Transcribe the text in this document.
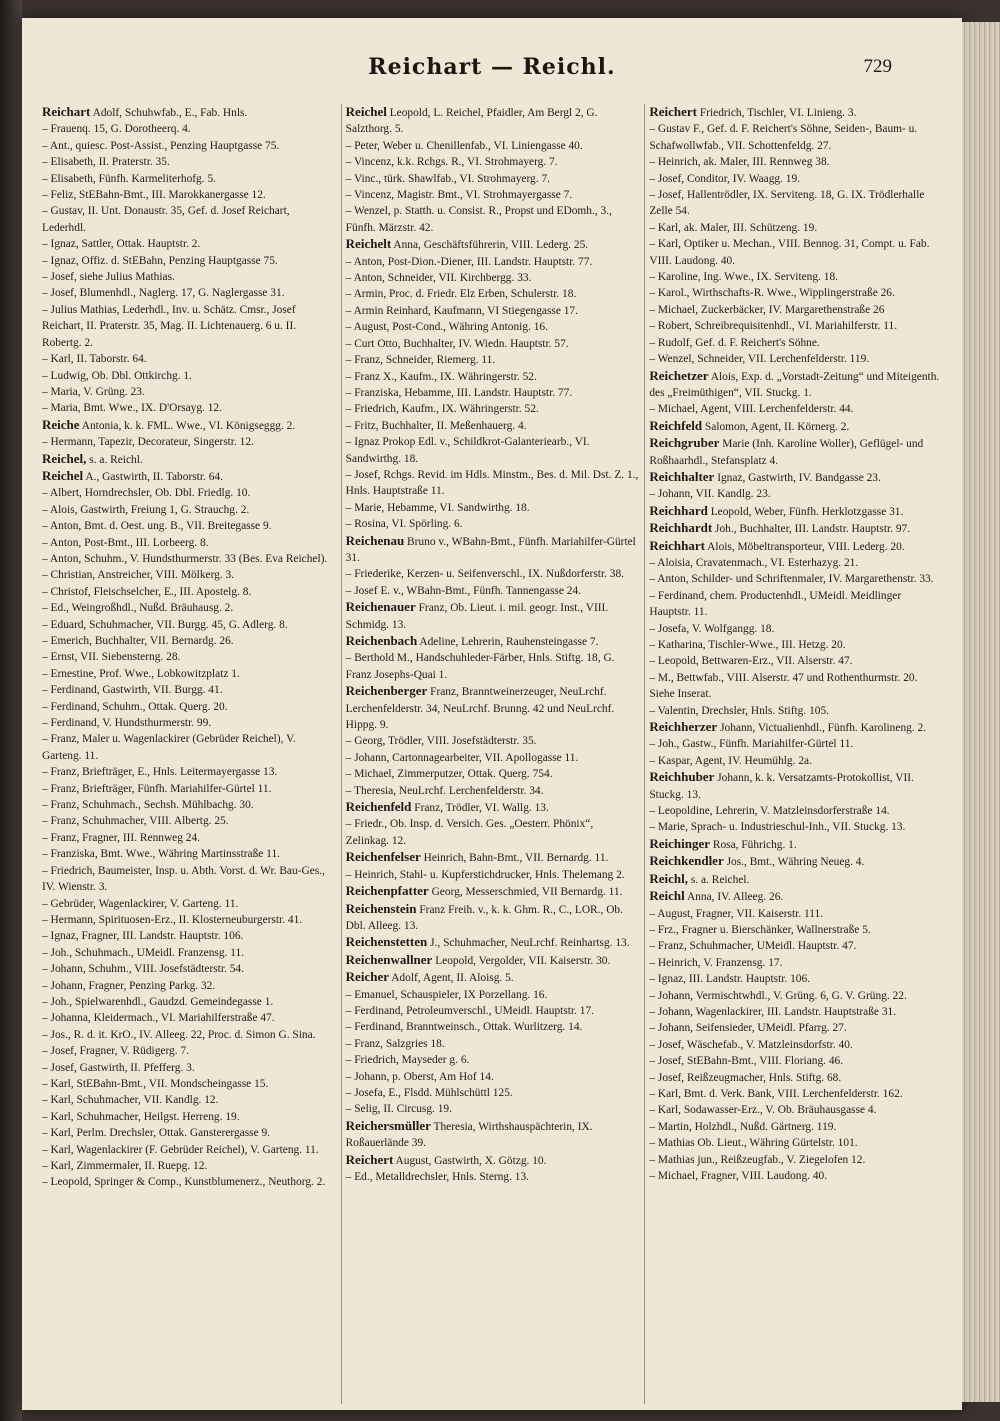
Reichart — Reichl.	729

Reichart Adolf, Schuhwfab., E., Fab. Hnls.

– Frauenq. 15, G. Dorotheerq. 4.

– Ant., quiesc. Post-Assist., Penzing Hauptgasse 75.

– Elisabeth, II. Praterstr. 35.

– Elisabeth, Fünfh. Karmeliterhofg. 5.

– Feliz, StEBahn-Bmt., III. Marokkanergasse 12.

– Gustav, II. Unt. Donaustr. 35, Gef. d. Josef Reichart, Lederhdl.

– Ignaz, Sattler, Ottak. Hauptstr. 2.

– Ignaz, Offiz. d. StEBahn, Penzing Hauptgasse 75.

– Josef, siehe Julius Mathias.

– Josef, Blumenhdl., Naglerg. 17, G. Naglergasse 31.

– Julius Mathias, Lederhdl., Inv. u. Schätz. Cmsr., Josef Reichart, II. Praterstr. 35, Mag. II. Lichtenauerg. 6 u. II. Robertg. 2.

– Karl, II. Taborstr. 64.

– Ludwig, Ob. Dbl. Ottkirchg. 1.

– Maria, V. Grüng. 23.

– Maria, Bmt. Wwe., IX. D'Orsayg. 12.

Reiche Antonia, k. k. FML. Wwe., VI. Königseggg. 2.

– Hermann, Tapezir, Decorateur, Singerstr. 12.

Reichel, s. a. Reichl.

Reichel A., Gastwirth, II. Taborstr. 64.

– Albert, Horndrechsler, Ob. Dbl. Friedlg. 10.

– Alois, Gastwirth, Freiung 1, G. Strauchg. 2.

– Anton, Bmt. d. Oest. ung. B., VII. Breitegasse 9.

– Anton, Post-Bmt., III. Lorbeerg. 8.

– Anton, Schuhm., V. Hundsthurmerstr. 33 (Bes. Eva Reichel).

– Christian, Anstreicher, VIII. Mölkerg. 3.

– Christof, Fleischselcher, E., III. Apostelg. 8.

– Ed., Weingroßhdl., Nußd. Bräuhausg. 2.

– Eduard, Schuhmacher, VII. Burgg. 45, G. Adlerg. 8.

– Emerich, Buchhalter, VII. Bernardg. 26.

– Ernst, VII. Siebensterng. 28.

– Ernestine, Prof. Wwe., Lobkowitzplatz 1.

– Ferdinand, Gastwirth, VII. Burgg. 41.

– Ferdinand, Schuhm., Ottak. Querg. 20.

– Ferdinand, V. Hundsthurmerstr. 99.

– Franz, Maler u. Wagenlackirer (Gebrüder Reichel), V. Garteng. 11.

– Franz, Briefträger, E., Hnls. Leitermayergasse 13.

– Franz, Briefträger, Fünfh. Mariahilfer-Gürtel 11.

– Franz, Schuhmach., Sechsh. Mühlbachg. 30.

– Franz, Schuhmacher, VIII. Albertg. 25.

– Franz, Fragner, III. Rennweg 24.

– Franziska, Bmt. Wwe., Währing Martinsstraße 11.

– Friedrich, Baumeister, Insp. u. Abth. Vorst. d. Wr. Bau-Ges., IV. Wienstr. 3.

– Gebrüder, Wagenlackirer, V. Garteng. 11.

– Hermann, Spirituosen-Erz., II. Klosterneuburgerstr. 41.

– Ignaz, Fragner, III. Landstr. Hauptstr. 106.

– Joh., Schuhmach., UMeidl. Franzensg. 11.

– Johann, Schuhm., VIII. Josefstädterstr. 54.

– Johann, Fragner, Penzing Parkg. 32.

– Joh., Spielwarenhdl., Gaudzd. Gemeindegasse 1.

– Johanna, Kleidermach., VI. Mariahilferstraße 47.

– Jos., R. d. it. KrO., IV. Alleeg. 22, Proc. d. Simon G. Sina.

– Josef, Fragner, V. Rüdigerg. 7.

– Josef, Gastwirth, II. Pfefferg. 3.

– Karl, StEBahn-Bmt., VII. Mondscheingasse 15.

– Karl, Schuhmacher, VII. Kandlg. 12.

– Karl, Schuhmacher, Heilgst. Herreng. 19.

– Karl, Perlm. Drechsler, Ottak. Gansterergasse 9.

– Karl, Wagenlackirer (F. Gebrüder Reichel), V. Garteng. 11.

– Karl, Zimmermaler, II. Ruepg. 12.

– Leopold, Springer & Comp., Kunstblumenerz., Neuthorg. 2.

Reichel Leopold, L. Reichel, Pfaidler, Am Bergl 2, G. Salzthorg. 5.

– Peter, Weber u. Chenillenfab., VI. Liniengasse 40.

– Vincenz, k.k. Rchgs. R., VI. Strohmayerg. 7.

– Vinc., türk. Shawlfab., VI. Strohmayerg. 7.

– Vincenz, Magistr. Bmt., VI. Strohmayergasse 7.

– Wenzel, p. Statth. u. Consist. R., Propst und EDomh., 3., Fünfh. Märzstr. 42.

Reichelt Anna, Geschäftsführerin, VIII. Lederg. 25.

– Anton, Post-Dion.-Diener, III. Landstr. Hauptstr. 77.

– Anton, Schneider, VII. Kirchbergg. 33.

– Armin, Proc. d. Friedr. Elz Erben, Schulerstr. 18.

– Armin Reinhard, Kaufmann, VI Stiegengasse 17.

– August, Post-Cond., Währing Antonig. 16.

– Curt Otto, Buchhalter, IV. Wiedn. Hauptstr. 57.

– Franz, Schneider, Riemerg. 11.

– Franz X., Kaufm., IX. Währingerstr. 52.

– Franziska, Hebamme, III. Landstr. Hauptstr. 77.

– Friedrich, Kaufm., IX. Währingerstr. 52.

– Fritz, Buchhalter, II. Meßenhauerg. 4.

– Ignaz Prokop Edl. v., Schildkrot-Galanteriearb., VI. Sandwirthg. 18.

– Josef, Rchgs. Revid. im Hdls. Minstm., Bes. d. Mil. Dst. Z. 1., Hnls. Hauptstraße 11.

– Marie, Hebamme, VI. Sandwirthg. 18.

– Rosina, VI. Spörling. 6.

Reichenau Bruno v., WBahn-Bmt., Fünfh. Mariahilfer-Gürtel 31.

– Friederike, Kerzen- u. Seifenverschl., IX. Nußdorferstr. 38.

– Josef E. v., WBahn-Bmt., Fünfh. Tannengasse 24.

Reichenauer Franz, Ob. Lieut. i. mil. geogr. Inst., VIII. Schmidg. 13.

Reichenbach Adeline, Lehrerin, Rauhensteingasse 7.

– Berthold M., Handschuhleder-Färber, Hnls. Stiftg. 18, G. Franz Josephs-Quai 1.

Reichenberger Franz, Branntweinerzeuger, NeuLrchf. Lerchenfelderstr. 34, NeuLrchf. Brunng. 42 und NeuLrchf. Hippg. 9.

– Georg, Trödler, VIII. Josefstädterstr. 35.

– Johann, Cartonnagearbeiter, VII. Apollogasse 11.

– Michael, Zimmerputzer, Ottak. Querg. 754.

– Theresia, NeuLrchf. Lerchenfelderstr. 34.

Reichenfeld Franz, Trödler, VI. Wallg. 13.

– Friedr., Ob. Insp. d. Versich. Ges. „Oesterr. Phönix“, Zelinkag. 12.

Reichenfelser Heinrich, Bahn-Bmt., VII. Bernardg. 11.

– Heinrich, Stahl- u. Kupferstichdrucker, Hnls. Thelemang 2.

Reichenpfatter Georg, Messerschmied, VII Bernardg. 11.

Reichenstein Franz Freih. v., k. k. Ghm. R., C., LOR., Ob. Dbl. Alleeg. 13.

Reichenstetten J., Schuhmacher, NeuLrchf. Reinhartsg. 13.

Reichenwallner Leopold, Vergolder, VII. Kaiserstr. 30.

Reicher Adolf, Agent, II. Aloisg. 5.

– Emanuel, Schauspieler, IX Porzellang. 16.

– Ferdinand, Petroleumverschl., UMeidl. Hauptstr. 17.

– Ferdinand, Branntweinsch., Ottak. Wurlitzerg. 14.

– Franz, Salzgries 18.

– Friedrich, Mayseder g. 6.

– Johann, p. Oberst, Am Hof 14.

– Josefa, E., Flsdd. Mühlschüttl 125.

– Selig, II. Circusg. 19.

Reichersmüller Theresia, Wirthshauspächterin, IX. Roßauerlände 39.

Reichert August, Gastwirth, X. Götzg. 10.

– Ed., Metalldrechsler, Hnls. Sterng. 13.

Reichert Friedrich, Tischler, VI. Linieng. 3.

– Gustav F., Gef. d. F. Reichert's Söhne, Seiden-, Baum- u. Schafwollwfab., VII. Schottenfeldg. 27.

– Heinrich, ak. Maler, III. Rennweg 38.

– Josef, Conditor, IV. Waagg. 19.

– Josef, Hallentrödler, IX. Serviteng. 18, G. IX. Trödlerhalle Zelle 54.

– Karl, ak. Maler, III. Schützeng. 19.

– Karl, Optiker u. Mechan., VIII. Bennog. 31, Compt. u. Fab. VIII. Laudong. 40.

– Karoline, Ing. Wwe., IX. Serviteng. 18.

– Karol., Wirthschafts-R. Wwe., Wipplingerstraße 26.

– Michael, Zuckerbäcker, IV. Margarethenstraße 26

– Robert, Schreibrequisitenhdl., VI. Mariahilferstr. 11.

– Rudolf, Gef. d. F. Reichert's Söhne.

– Wenzel, Schneider, VII. Lerchenfelderstr. 119.

Reichetzer Alois, Exp. d. „Vorstadt-Zeitung“ und Miteigenth. des „Freimüthigen“, VII. Stuckg. 1.

– Michael, Agent, VIII. Lerchenfelderstr. 44.

Reichfeld Salomon, Agent, II. Körnerg. 2.

Reichgruber Marie (Inh. Karoline Woller), Geflügel- und Roßhaarhdl., Stefansplatz 4.

Reichhalter Ignaz, Gastwirth, IV. Bandgasse 23.

– Johann, VII. Kandlg. 23.

Reichhard Leopold, Weber, Fünfh. Herklotzgasse 31.

Reichhardt Joh., Buchhalter, III. Landstr. Hauptstr. 97.

Reichhart Alois, Möbeltransporteur, VIII. Lederg. 20.

– Aloisia, Cravatenmach., VI. Esterhazyg. 21.

– Anton, Schilder- und Schriftenmaler, IV. Margarethenstr. 33.

– Ferdinand, chem. Productenhdl., UMeidl. Meidlinger Hauptstr. 11.

– Josefa, V. Wolfgangg. 18.

– Katharina, Tischler-Wwe., III. Hetzg. 20.

– Leopold, Bettwaren-Erz., VII. Alserstr. 47.

– M., Bettwfab., VIII. Alserstr. 47 und Rothenthurmstr. 20. Siehe Inserat.

– Valentin, Drechsler, Hnls. Stiftg. 105.

Reichherzer Johann, Victualienhdl., Fünfh. Karolineng. 2.

– Joh., Gastw., Fünfh. Mariahilfer-Gürtel 11.

– Kaspar, Agent, IV. Heumühlg. 2a.

Reichhuber Johann, k. k. Versatzamts-Protokollist, VII. Stuckg. 13.

– Leopoldine, Lehrerin, V. Matzleinsdorferstraße 14.

– Marie, Sprach- u. Industrieschul-Inh., VII. Stuckg. 13.

Reichinger Rosa, Führichg. 1.

Reichkendler Jos., Bmt., Währing Neueg. 4.

Reichl, s. a. Reichel.

Reichl Anna, IV. Alleeg. 26.

– August, Fragner, VII. Kaiserstr. 111.

– Frz., Fragner u. Bierschänker, Wallnerstraße 5.

– Franz, Schuhmacher, UMeidl. Hauptstr. 47.

– Heinrich, V. Franzensg. 17.

– Ignaz, III. Landstr. Hauptstr. 106.

– Johann, Vermischtwhdl., V. Grüng. 6, G. V. Grüng. 22.

– Johann, Wagenlackirer, III. Landstr. Hauptstraße 31.

– Johann, Seifensieder, UMeidl. Pfarrg. 27.

– Josef, Wäschefab., V. Matzleinsdorfstr. 40.

– Josef, StEBahn-Bmt., VIII. Floriang. 46.

– Josef, Reißzeugmacher, Hnls. Stiftg. 68.

– Karl, Bmt. d. Verk. Bank, VIII. Lerchenfelderstr. 162.

– Karl, Sodawasser-Erz., V. Ob. Bräuhausgasse 4.

– Martin, Holzhdl., Nußd. Gärtnerg. 119.

– Mathias Ob. Lieut., Währing Gürtelstr. 101.

– Mathias jun., Reißzeugfab., V. Ziegelofen 12.

– Michael, Fragner, VIII. Laudong. 40.
